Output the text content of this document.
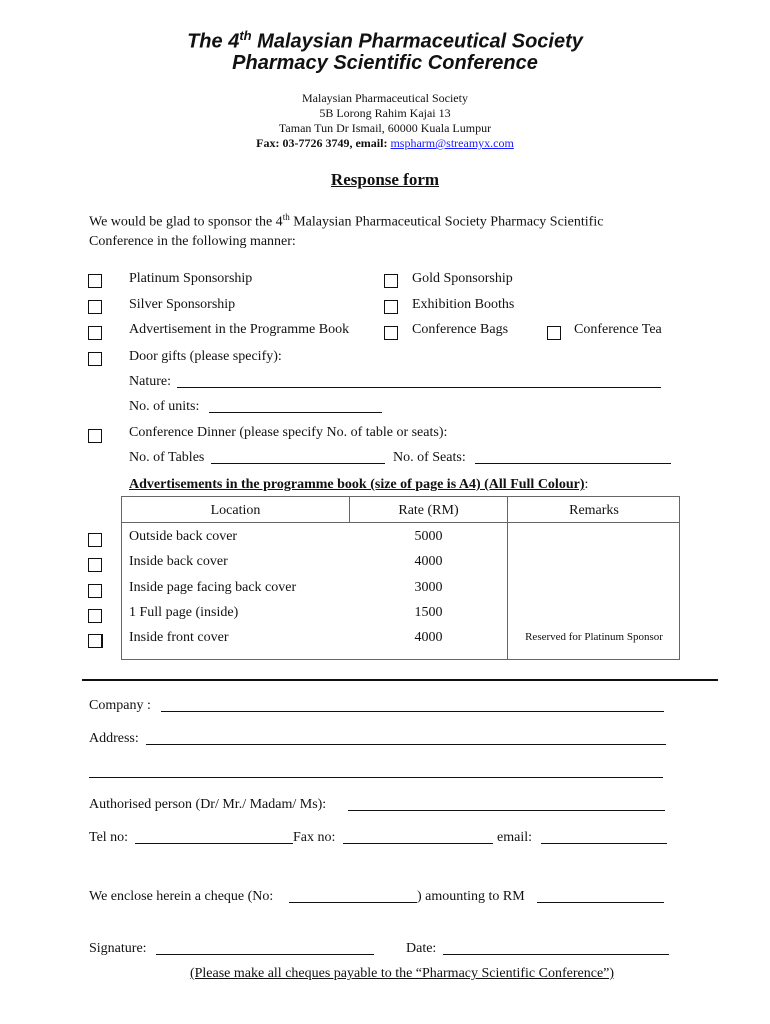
The 4th Malaysian Pharmaceutical Society
Pharmacy Scientific Conference
Malaysian Pharmaceutical Society
5B Lorong Rahim Kajai 13
Taman Tun Dr Ismail, 60000 Kuala Lumpur
Fax: 03-7726 3749, email: mspharm@streamyx.com
Response form
We would be glad to sponsor the 4th Malaysian Pharmaceutical Society Pharmacy Scientific
Conference in the following manner:
Platinum Sponsorship	Gold Sponsorship
Silver Sponsorship	Exhibition Booths
Advertisement in the Programme Book	Conference Bags	Conference Tea
Door gifts (please specify):
Nature:
No. of units:
Conference Dinner (please specify No. of table or seats):
No. of Tables	No. of Seats:
Advertisements in the programme book (size of page is A4) (All Full Colour):
Location	Rate (RM)	Remarks
Outside back cover	5000
Inside back cover	4000
Inside page facing back cover	3000
1 Full page (inside)	1500
Inside front cover	4000	Reserved for Platinum Sponsor
Company :
Address:
Authorised person (Dr/ Mr./ Madam/ Ms):
Tel no:	Fax no:	email:
We enclose herein a cheque (No:	) amounting to RM
Signature:	Date:
(Please make all cheques payable to the “Pharmacy Scientific Conference”)
